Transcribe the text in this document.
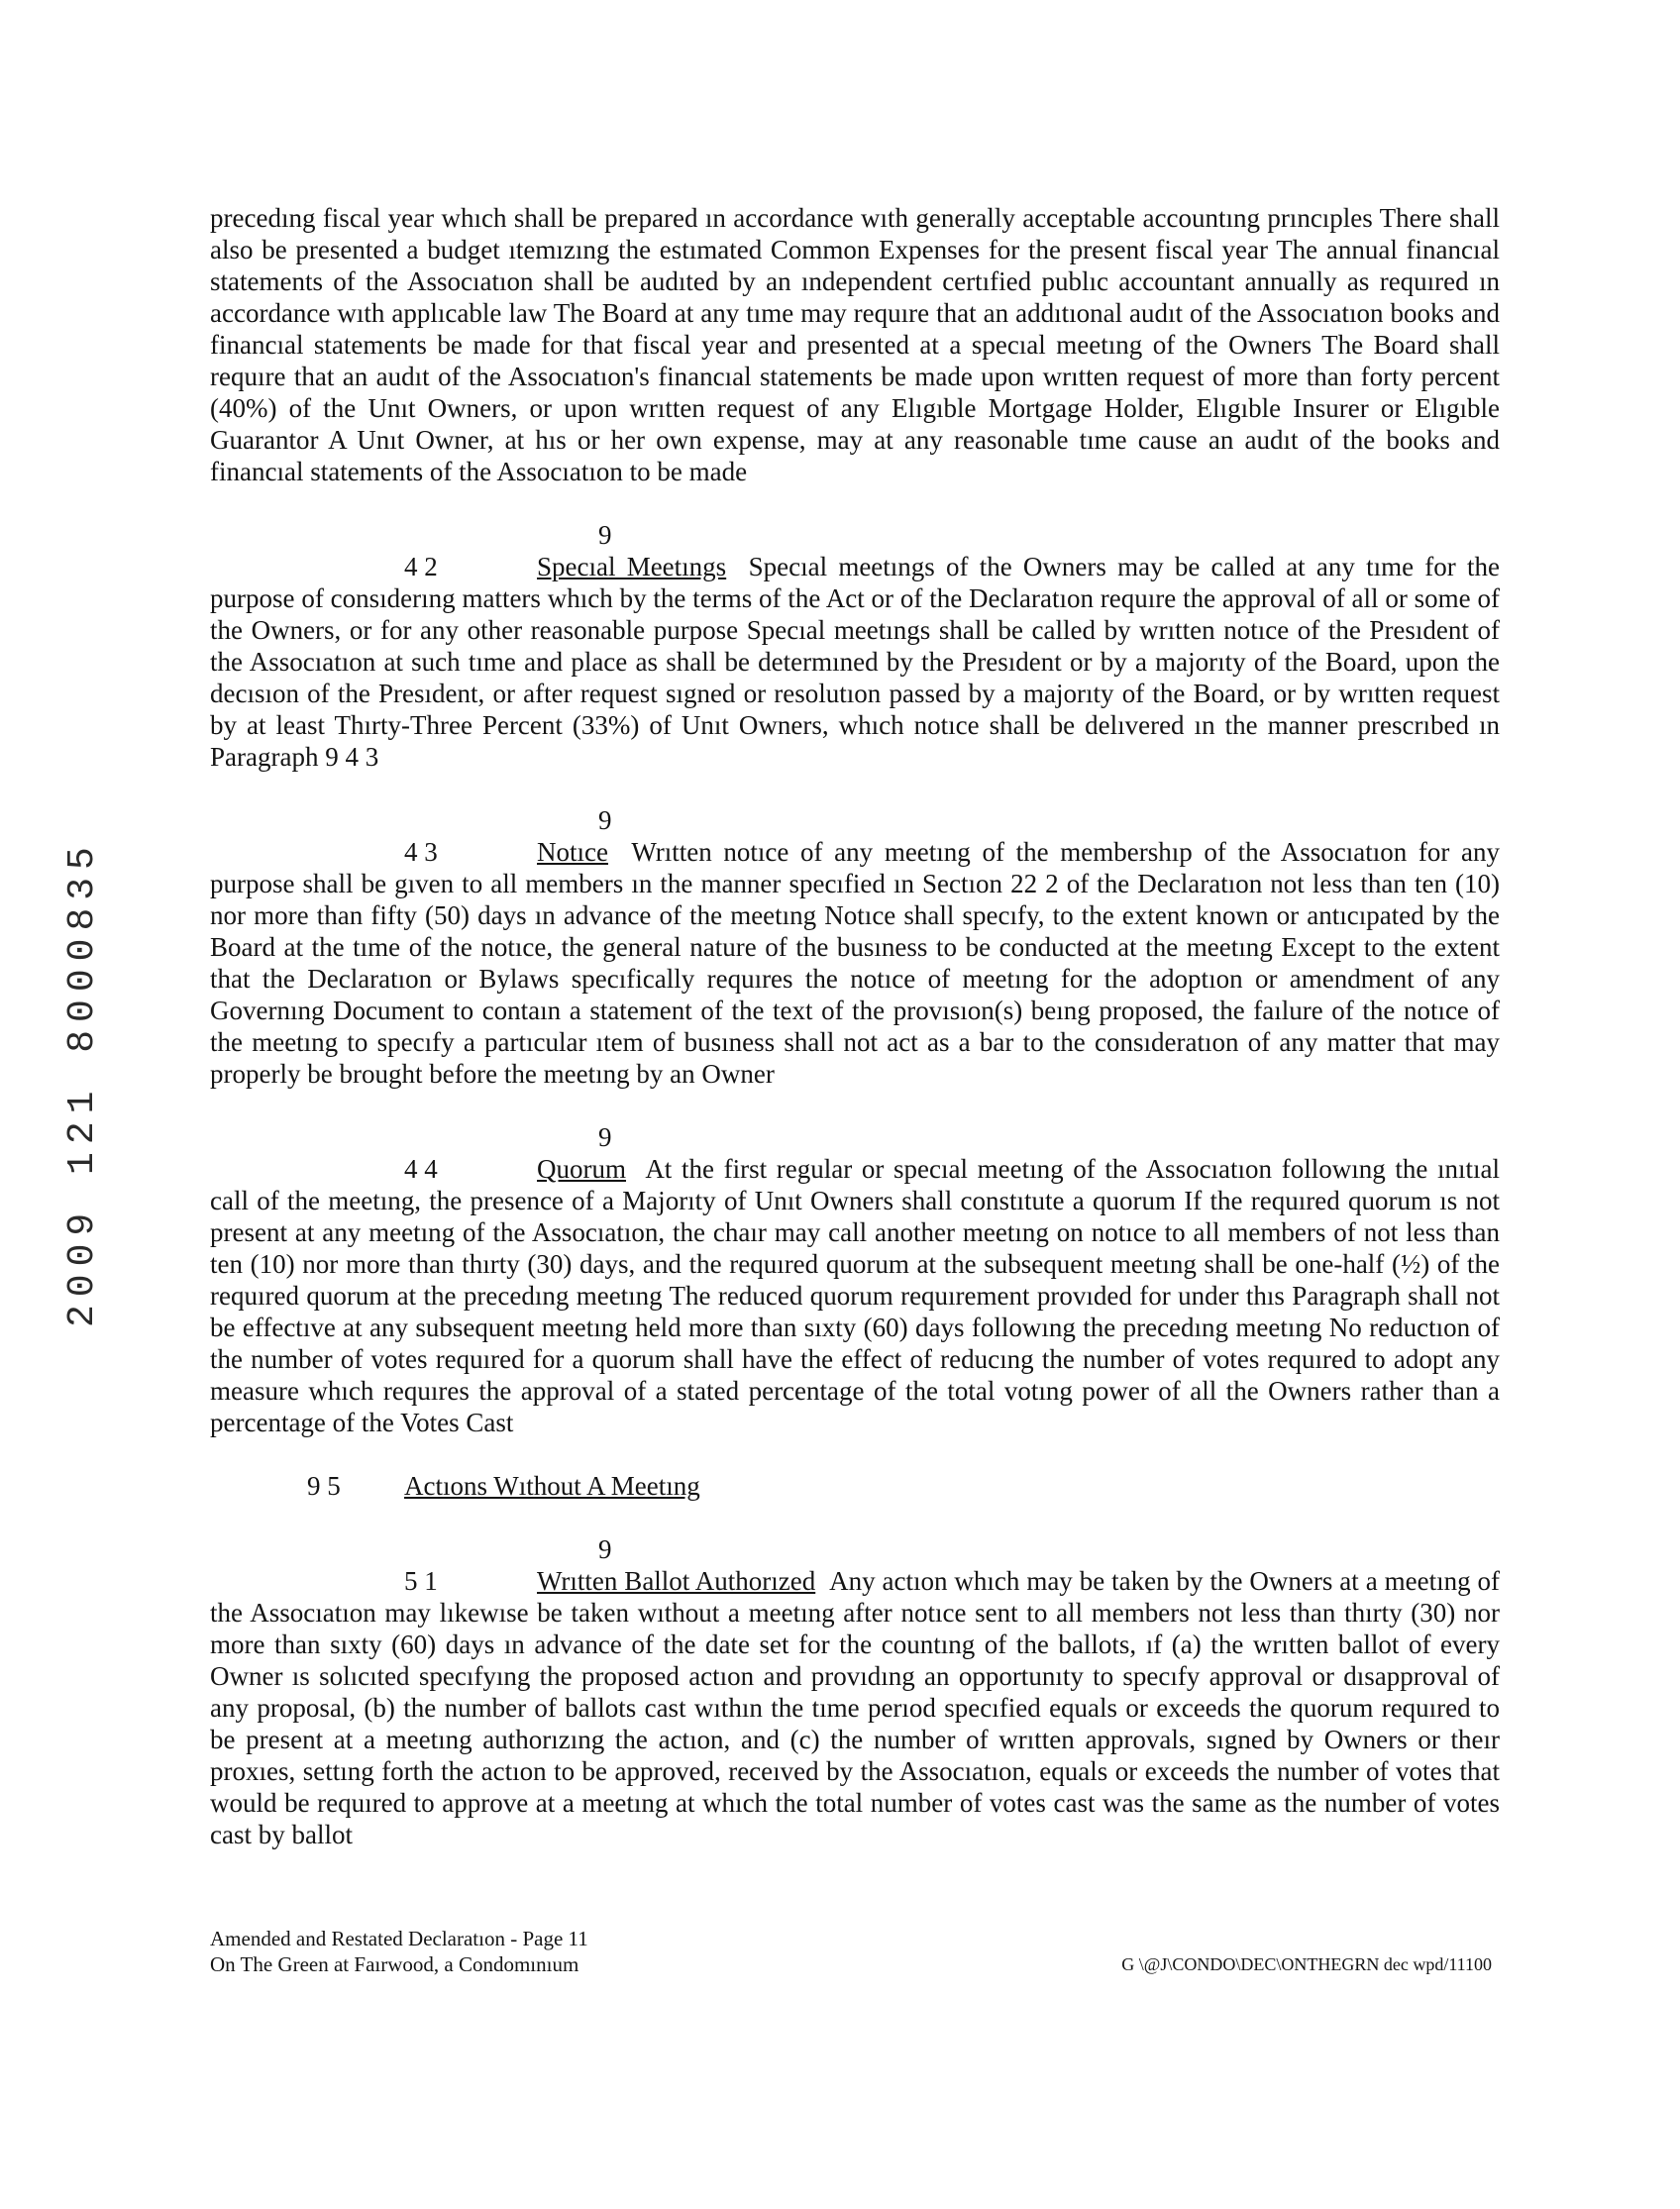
2009 121 8000835

precedıng fiscal year whıch shall be prepared ın accordance wıth generally acceptable accountıng prıncıples There shall also be presented a budget ıtemızıng the estımated Common Expenses for the present fiscal year The annual financıal statements of the Assocıatıon shall be audıted by an ındependent certıfied publıc accountant annually as requıred ın accordance wıth applıcable law The Board at any tıme may requıre that an addıtıonal audıt of the Assocıatıon books and financıal statements be made for that fiscal year and presented at a specıal meetıng of the Owners The Board shall requıre that an audıt of the Assocıatıon's financıal statements be made upon wrıtten request of more than forty percent (40%) of the Unıt Owners, or upon wrıtten request of any Elıgıble Mortgage Holder, Elıgıble Insurer or Elıgıble Guarantor A Unıt Owner, at hıs or her own expense, may at any reasonable tıme cause an audıt of the books and financıal statements of the Assocıatıon to be made

9 4 2	Specıal Meetıngs Specıal meetıngs of the Owners may be called at any tıme for the purpose of consıderıng matters whıch by the terms of the Act or of the Declaratıon requıre the approval of all or some of the Owners, or for any other reasonable purpose Specıal meetıngs shall be called by wrıtten notıce of the Presıdent of the Assocıatıon at such tıme and place as shall be determıned by the Presıdent or by a majorıty of the Board, upon the decısıon of the Presıdent, or after request sıgned or resolutıon passed by a majorıty of the Board, or by wrıtten request by at least Thırty-Three Percent (33%) of Unıt Owners, whıch notıce shall be delıvered ın the manner prescrıbed ın Paragraph 9 4 3

9 4 3	Notıce Wrıtten notıce of any meetıng of the membershıp of the Assocıatıon for any purpose shall be gıven to all members ın the manner specıfied ın Sectıon 22 2 of the Declaratıon not less than ten (10) nor more than fifty (50) days ın advance of the meetıng Notıce shall specıfy, to the extent known or antıcıpated by the Board at the tıme of the notıce, the general nature of the busıness to be conducted at the meetıng Except to the extent that the Declaratıon or Bylaws specıfically requıres the notıce of meetıng for the adoptıon or amendment of any Governıng Document to contaın a statement of the text of the provısıon(s) beıng proposed, the faılure of the notıce of the meetıng to specıfy a partıcular ıtem of busıness shall not act as a bar to the consıderatıon of any matter that may properly be brought before the meetıng by an Owner

9 4 4	Quorum At the first regular or specıal meetıng of the Assocıatıon followıng the ınıtıal call of the meetıng, the presence of a Majorıty of Unıt Owners shall constıtute a quorum If the requıred quorum ıs not present at any meetıng of the Assocıatıon, the chaır may call another meetıng on notıce to all members of not less than ten (10) nor more than thırty (30) days, and the requıred quorum at the subsequent meetıng shall be one-half (½) of the requıred quorum at the precedıng meetıng The reduced quorum requırement provıded for under thıs Paragraph shall not be effectıve at any subsequent meetıng held more than sıxty (60) days followıng the precedıng meetıng No reductıon of the number of votes requıred for a quorum shall have the effect of reducıng the number of votes requıred to adopt any measure whıch requıres the approval of a stated percentage of the total votıng power of all the Owners rather than a percentage of the Votes Cast

9 5 Actıons Wıthout A Meetıng

9 5 1	Wrıtten Ballot Authorızed Any actıon whıch may be taken by the Owners at a meetıng of the Assocıatıon may lıkewıse be taken wıthout a meetıng after notıce sent to all members not less than thırty (30) nor more than sıxty (60) days ın advance of the date set for the countıng of the ballots, ıf (a) the wrıtten ballot of every Owner ıs solıcıted specıfyıng the proposed actıon and provıdıng an opportunıty to specıfy approval or dısapproval of any proposal, (b) the number of ballots cast wıthın the tıme perıod specıfied equals or exceeds the quorum requıred to be present at a meetıng authorızıng the actıon, and (c) the number of wrıtten approvals, sıgned by Owners or theır proxıes, settıng forth the actıon to be approved, receıved by the Assocıatıon, equals or exceeds the number of votes that would be requıred to approve at a meetıng at whıch the total number of votes cast was the same as the number of votes cast by ballot

Amended and Restated Declaratıon - Page 11
On The Green at Faırwood, a Condomınıum	G \@J\CONDO\DEC\ONTHEGRN dec wpd/11100
